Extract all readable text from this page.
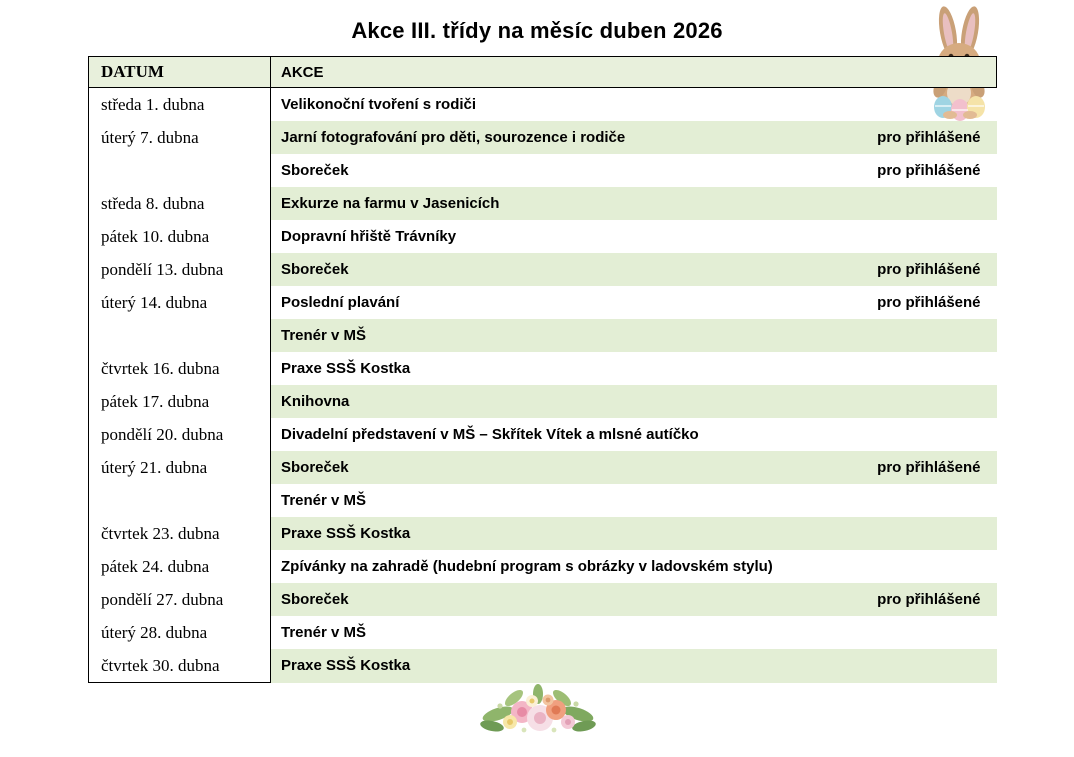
Akce III. třídy na měsíc duben 2026
DATUM	AKCE	

středa 1. dubna	Velikonoční tvoření s rodiči	

úterý 7. dubna	Jarní fotografování pro děti, sourozence i rodiče	pro přihlášené

	Sboreček	pro přihlášené

středa 8. dubna	Exkurze na farmu v Jasenicích	

pátek 10. dubna	Dopravní hřiště Trávníky	

pondělí 13. dubna	Sboreček	pro přihlášené

úterý 14. dubna	Poslední plavání	pro přihlášené

	Trenér v MŠ	

čtvrtek 16. dubna	Praxe SSŠ Kostka	

pátek 17. dubna	Knihovna	

pondělí 20. dubna	Divadelní představení v MŠ – Skřítek Vítek a mlsné autíčko	

úterý 21. dubna	Sboreček	pro přihlášené

	Trenér v MŠ	

čtvrtek 23. dubna	Praxe SSŠ Kostka	

pátek 24. dubna	Zpívánky na zahradě (hudební program s obrázky v ladovském stylu)	

pondělí 27. dubna	Sboreček	pro přihlášené

úterý 28. dubna	Trenér v MŠ	

čtvrtek 30. dubna	Praxe SSŠ Kostka	
